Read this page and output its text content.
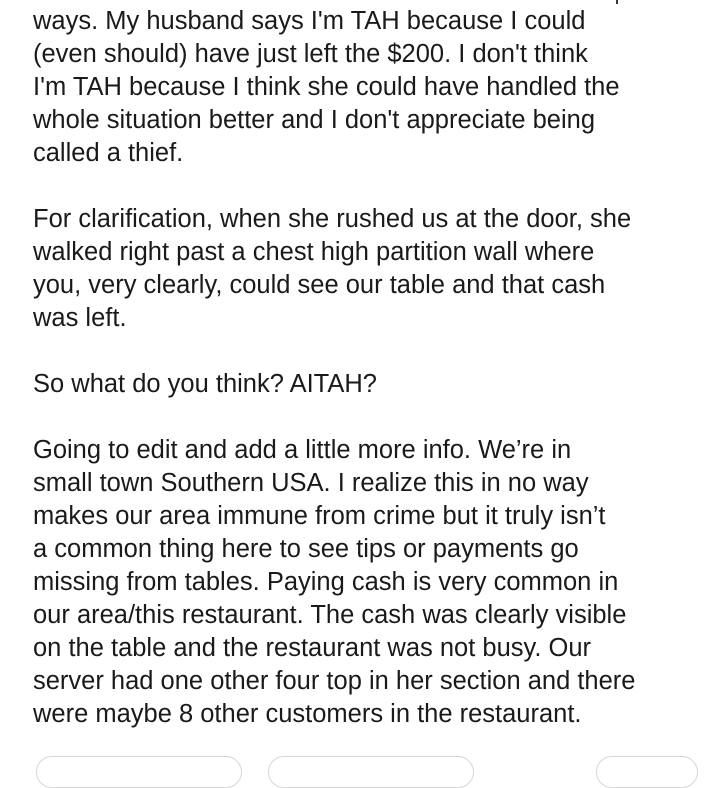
ways. My husband says I'm TAH because I could
(even should) have just left the $200. I don't think
I'm TAH because I think she could have handled the
whole situation better and I don't appreciate being
called a thief.

For clarification, when she rushed us at the door, she
walked right past a chest high partition wall where
you, very clearly, could see our table and that cash
was left.

So what do you think? AITAH?

Going to edit and add a little more info. We’re in
small town Southern USA. I realize this in no way
makes our area immune from crime but it truly isn’t
a common thing here to see tips or payments go
missing from tables. Paying cash is very common in
our area/this restaurant. The cash was clearly visible
on the table and the restaurant was not busy. Our
server had one other four top in her section and there
were maybe 8 other customers in the restaurant.
